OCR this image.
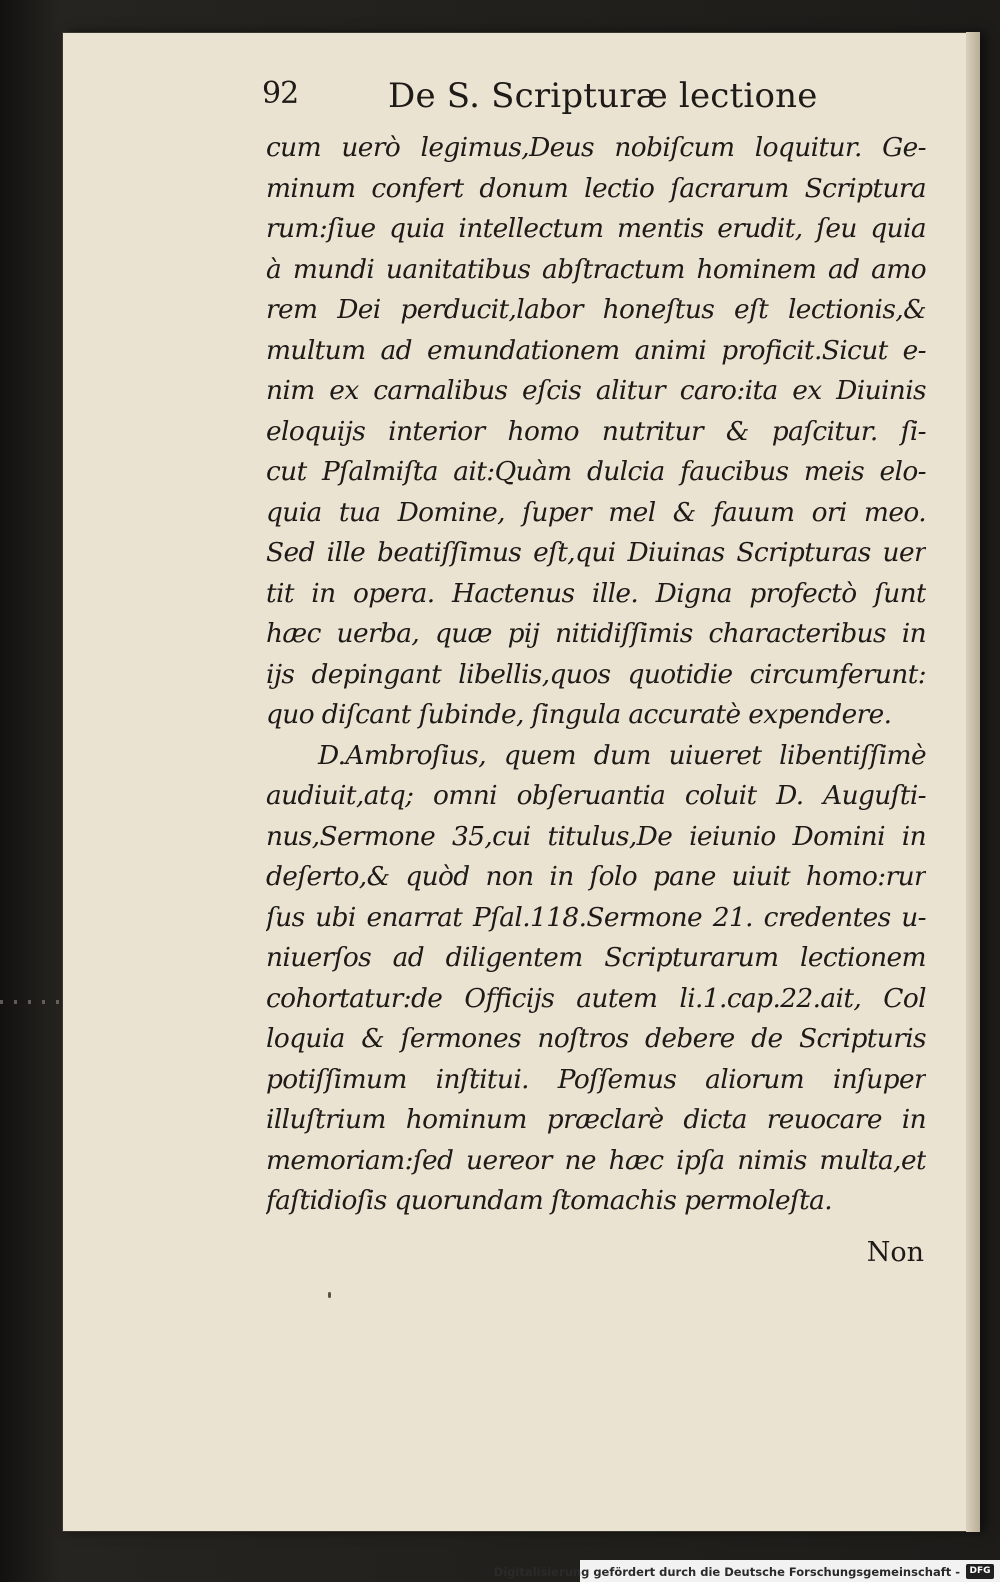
92	De S. Scripturæ lectione
cum uerò legimus,Deus nobiſcum loquitur. Ge-
minum confert donum lectio ſacrarum Scriptura
rum:ſiue quia intellectum mentis erudit, ſeu quia
à mundi uanitatibus abſtractum hominem ad amo
rem Dei perducit,labor honeſtus eſt lectionis,&
multum ad emundationem animi proficit.Sicut e-
nim ex carnalibus eſcis alitur caro:ita ex Diuinis
eloquijs interior homo nutritur & paſcitur. ſi-
cut Pſalmiſta ait:Quàm dulcia faucibus meis elo-
quia tua Domine, ſuper mel & fauum ori meo.
Sed ille beatiſſimus eſt,qui Diuinas Scripturas uer
tit in opera. Hactenus ille. Digna profectò ſunt
hæc uerba, quæ pij nitidiſſimis characteribus in
ijs depingant libellis,quos quotidie circumferunt:
quo diſcant ſubinde, ſingula accuratè expendere.
D.Ambroſius, quem dum uiueret libentiſſimè
audiuit,atq; omni obſeruantia coluit D. Auguſti-
nus,Sermone 35,cui titulus,De ieiunio Domini in
deſerto,& quòd non in ſolo pane uiuit homo:rur
ſus ubi enarrat Pſal.118.Sermone 21. credentes u-
niuerſos ad diligentem Scripturarum lectionem
cohortatur:de Officijs autem li.1.cap.22.ait, Col
loquia & ſermones noſtros debere de Scripturis
potiſſimum inſtitui. Poſſemus aliorum inſuper
illuſtrium hominum præclarè dicta reuocare in
memoriam:ſed uereor ne hæc ipſa nimis multa,et
faſtidioſis quorundam ſtomachis permoleſta.
Non
Digitalisierung gefördert durch die Deutsche Forschungsgemeinschaft -	DFG
